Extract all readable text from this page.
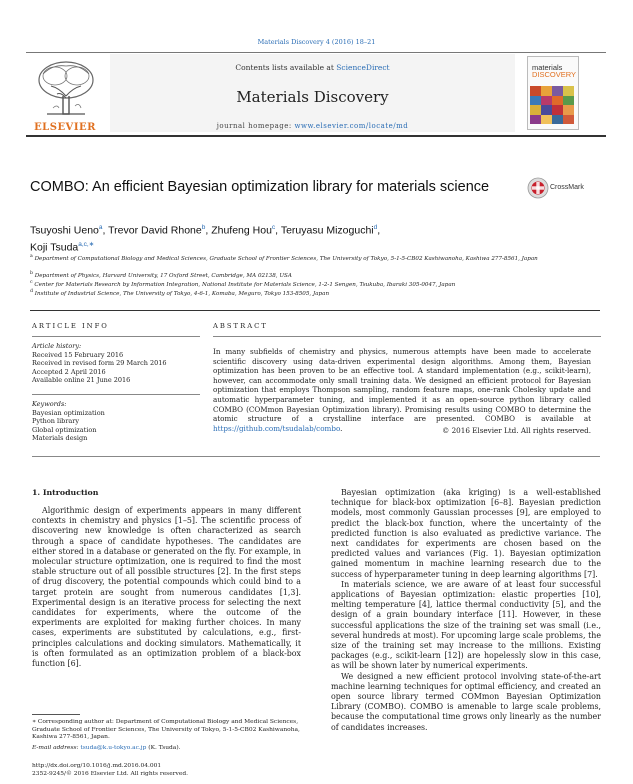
Materials Discovery 4 (2016) 18–21
Contents lists available at ScienceDirect
Materials Discovery
journal homepage: www.elsevier.com/locate/md
ELSEVIER
materials
DISCOVERY
COMBO: An efficient Bayesian optimization library for materials science	CrossMark
Tsuyoshi Ueno$^a$, Trevor David Rhone$^b$, Zhufeng Hou$^c$, Teruyasu Mizoguchi$^d$,
Koji Tsuda$^{a,c,∗}$
$^a$ Department of Computational Biology and Medical Sciences, Graduate School of Frontier Sciences, The University of Tokyo, 5-1-5-CB02 Kashiwanoha, Kashiwa 277-8561, Japan
$^b$ Department of Physics, Harvard University, 17 Oxford Street, Cambridge, MA 02138, USA
$^c$ Center for Materials Research by Information Integration, National Institute for Materials Science, 1-2-1 Sengen, Tsukuba, Ibaraki 305-0047, Japan
$^d$ Institute of Industrial Science, The University of Tokyo, 4-6-1, Komaba, Meguro, Tokyo 153-8505, Japan
ARTICLE INFO
Article history:
Received 15 February 2016
Received in revised form 29 March 2016
Accepted 2 April 2016
Available online 21 June 2016
Keywords:
Bayesian optimization
Python library
Global optimization
Materials design
ABSTRACT
In many subfields of chemistry and physics, numerous attempts have been made to accelerate scientific discovery using data-driven experimental design algorithms. Among them, Bayesian optimization has been proven to be an effective tool. A standard implementation (e.g., scikit-learn), however, can accommodate only small training data. We designed an efficient protocol for Bayesian optimization that employs Thompson sampling, random feature maps, one-rank Cholesky update and automatic hyperparameter tuning, and implemented it as an open-source python library called COMBO (COMmon Bayesian Optimization library). Promising results using COMBO to determine the atomic structure of a crystalline interface are presented. COMBO is available at https://github.com/tsudalab/combo.	© 2016 Elsevier Ltd. All rights reserved.
1. Introduction

Algorithmic design of experiments appears in many different contexts in chemistry and physics [1–5]. The scientific process of discovering new knowledge is often characterized as search through a space of candidate hypotheses. The candidates are either stored in a database or generated on the fly. For example, in molecular structure optimization, one is required to find the most stable structure out of all possible structures [2]. In the first steps of drug discovery, the potential compounds which could bind to a target protein are sought from numerous candidates [1,3]. Experimental design is an iterative process for selecting the next candidates for experiments, where the outcome of the experiments are exploited for making further choices. In many cases, experiments are substituted by calculations, e.g., first-principles calculations and docking simulators. Mathematically, it is often formulated as an optimization problem of a black-box function [6].

∗ Corresponding author at: Department of Computational Biology and Medical Sciences, Graduate School of Frontier Sciences, The University of Tokyo, 5-1-5-CB02 Kashiwanoha, Kashiwa 277-8561, Japan.
E-mail address: tsuda@k.u-tokyo.ac.jp (K. Tsuda).
http://dx.doi.org/10.1016/j.md.2016.04.001
2352-9245/© 2016 Elsevier Ltd. All rights reserved.

Bayesian optimization (aka kriging) is a well-established technique for black-box optimization [6–8]. Bayesian prediction models, most commonly Gaussian processes [9], are employed to predict the black-box function, where the uncertainty of the predicted function is also evaluated as predictive variance. The next candidates for experiments are chosen based on the predicted values and variances (Fig. 1). Bayesian optimization gained momentum in machine learning research due to the success of hyperparameter tuning in deep learning algorithms [7].

In materials science, we are aware of at least four successful applications of Bayesian optimization: elastic properties [10], melting temperature [4], lattice thermal conductivity [5], and the design of a grain boundary interface [11]. However, in these successful applications the size of the training set was small (i.e., several hundreds at most). For upcoming large scale problems, the size of the training set may increase to the millions. Existing packages (e.g., scikit-learn [12]) are hopelessly slow in this case, as will be shown later by numerical experiments.

We designed a new efficient protocol involving state-of-the-art machine learning techniques for optimal efficiency, and created an open source library termed COMmon Bayesian Optimization Library (COMBO). COMBO is amenable to large scale problems, because the computational time grows only linearly as the number of candidates increases.
